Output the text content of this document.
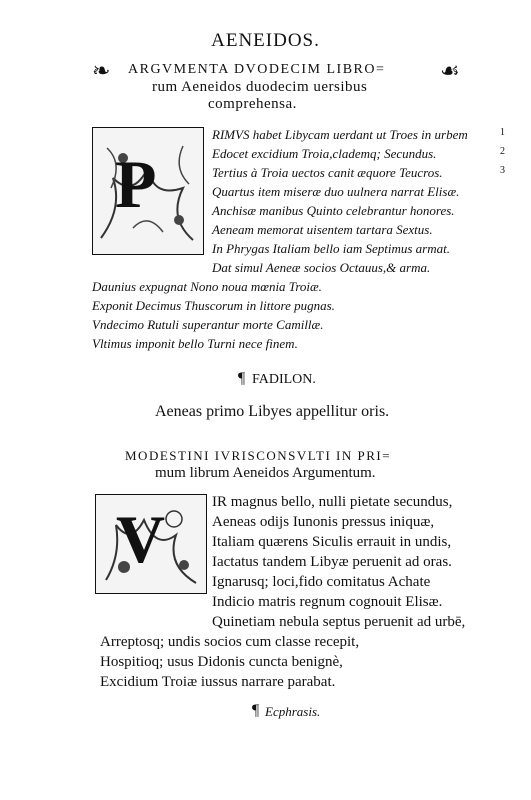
AENEIDOS.
❧	☙
ARGVMENTA DVODECIM LIBRO=
rum Aeneidos duodecim uersibus
comprehensa.
P
RIMVS habet Libycam uerdant ut Troes in urbem
Edocet excidium Troia,clademq; Secundus.
Tertius à Troia uectos canit æquore Teucros.
Quartus item miseræ duo uulnera narrat Elisæ.
Anchisæ manibus Quinto celebrantur honores.
Aeneam memorat uisentem tartara Sextus.
In Phrygas Italiam bello iam Septimus armat.
Dat simul Aeneæ socios Octauus,& arma.
Daunius expugnat Nono noua mœnia Troiæ.
Exponit Decimus Thuscorum in littore pugnas.
Vndecimo Rutuli superantur morte Camillæ.
Vltimus imponit bello Turni nece finem.
1
2
3
¶ FADILON.
Aeneas primo Libyes appellitur oris.
MODESTINI IVRISCONSVLTI IN PRI=
mum librum Aeneidos Argumentum.
V	IR magnus bello, nulli pietate secundus,
Aeneas odijs Iunonis pressus iniquæ,
Italiam quærens Siculis errauit in undis,
Iactatus tandem Libyæ peruenit ad oras.
Ignarusq; loci,fido comitatus Achate
Indicio matris regnum cognouit Elisæ.
Quinetiam nebula septus peruenit ad urbē,
Arreptosq; undis socios cum classe recepit,
Hospitioq; usus Didonis cuncta benignè,
Excidium Troiæ iussus narrare parabat.
¶ Ecphrasis.
